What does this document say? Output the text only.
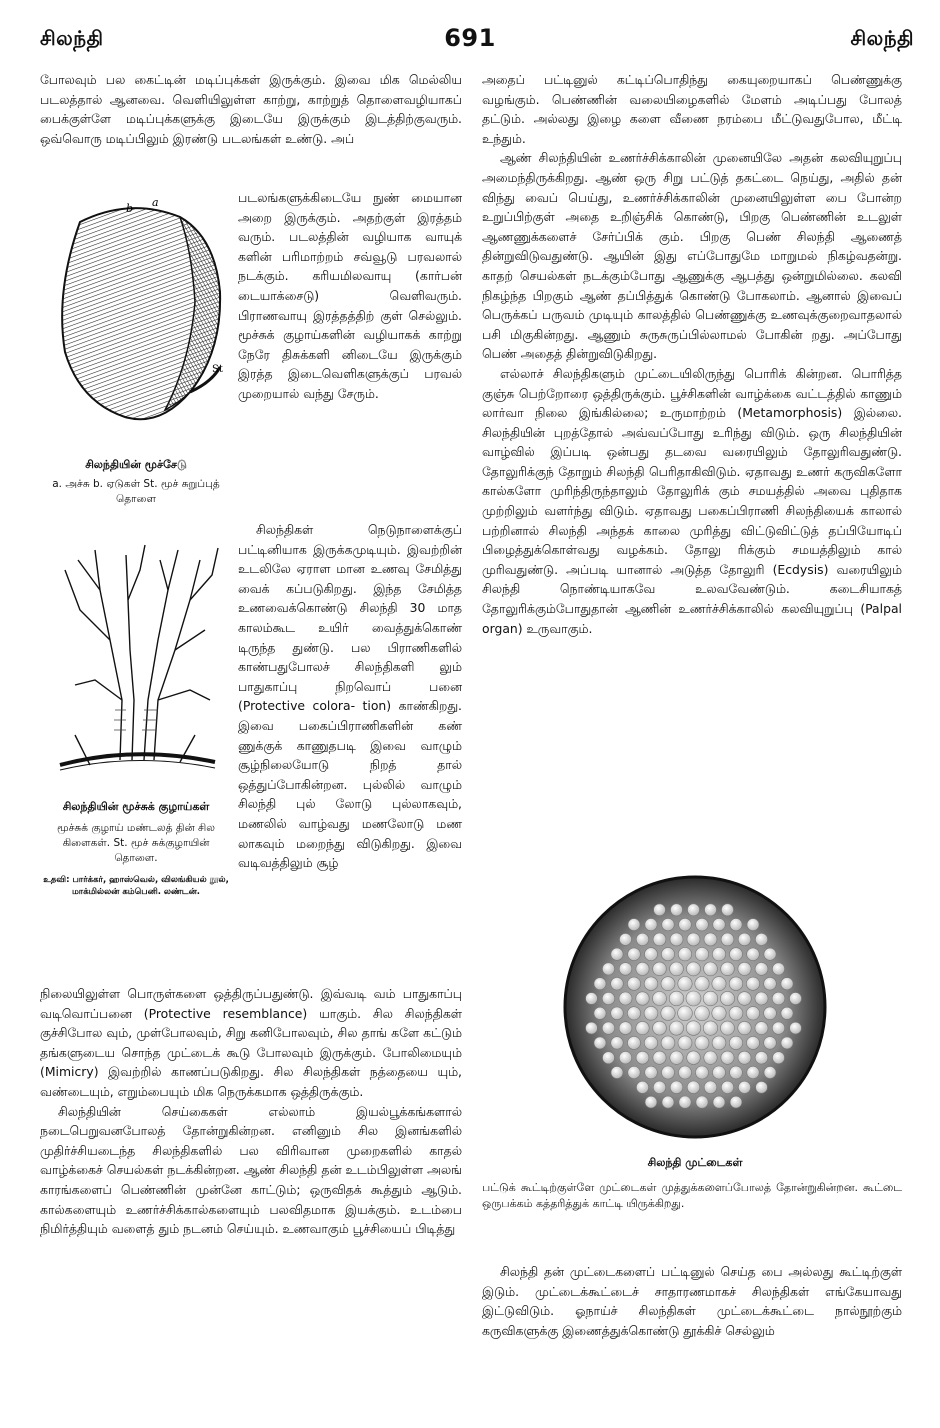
சிலந்தி	691	சிலந்தி

போலவும் பல கைட்டின் மடிப்புக்கள் இருக்கும். இவை மிக மெல்லிய படலத்தால் ஆனவை. வெளியிலுள்ள காற்று, காற்றுத் தொளைவழியாகப் பைக்குள்ளே மடிப்புக்களுக்கு இடையே இருக்கும் இடத்திற்குவரும். ஒவ்வொரு மடிப்பிலும் இரண்டு படலங்கள் உண்டு. அப்

b a
St
சிலந்தியின் மூச்சேடு
a. அச்சு b. ஏடுகள் St. மூச் சுறுப்புத் தொளை

படலங்களுக்கிடையே நுண் மையான அறை இருக்கும். அதற்குள் இரத்தம் வரும். படலத்தின் வழியாக வாயுக் களின் பரிமாற்றம் சவ்வூடு பரவலால் நடக்கும். கரியமிலவாயு (கார்பன் டையாக்சைடு) வெளிவரும். பிராணவாயு இரத்தத்திற் குள் செல்லும். மூச்சுக் குழாய்களின் வழியாகக் காற்று நேரே திசுக்களி னிடையே இருக்கும் இரத்த இடைவெளிகளுக்குப் பரவல் முறையால் வந்து சேரும்.

சிலந்தியின் மூச்சுக் குழாய்கள்
மூச்சுக் குழாய் மண்டலத் தின் சில கிளைகள். St. மூச் சுக்குழாயின் தொளை.
உதவி: பார்க்கர், ஹாஸ்வெல், விலங்கியல் நூல், மாக்மில்லன் கம்பெனி. லண்டன்.

சிலந்திகள் நெடுநாளைக்குப் பட்டினியாக இருக்கமுடியும். இவற்றின் உடலிலே ஏராள மான உணவு சேமித்து வைக் கப்படுகிறது. இந்த சேமித்த உணவைக்கொண்டு சிலந்தி 30 மாத காலம்கூட உயிர் வைத்துக்கொண் டிருந்த துண்டு. பல பிராணிகளில் காண்பதுபோலச் சிலந்திகளி லும் பாதுகாப்பு நிறவொப் பனை (Protective colora- tion) காண்கிறது. இவை பகைப்பிராணிகளின் கண் ணுக்குக் காணுதபடி இவை வாழும் சூழ்நிலையோடு நிறத் தால் ஒத்துப்போகின்றன. புல்லில் வாழும் சிலந்தி புல் லோடு புல்லாகவும், மணலில் வாழ்வது மணலோடு மண லாகவும் மறைந்து விடுகிறது. இவை வடிவத்திலும் சூழ்

நிலையிலுள்ள பொருள்களை ஒத்திருப்பதுண்டு. இவ்வடி வம் பாதுகாப்பு வடிவொப்பனை (Protective resemblance) யாகும். சில சிலந்திகள் குச்சிபோல வும், முள்போலவும், சிறு கனிபோலவும், சில தாங் களே கட்டும் தங்களுடைய சொந்த முட்டைக் கூடு போலவும் இருக்கும். போலிமையும் (Mimicry) இவற்றில் காணப்படுகிறது. சில சிலந்திகள் நத்தையை யும், வண்டையும், எறும்பையும் மிக நெருக்கமாக ஒத்திருக்கும்.

சிலந்தியின் செய்கைகள் எல்லாம் இயல்பூக்கங்களால் நடைபெறுவனபோலத் தோன்றுகின்றன. எனினும் சில இனங்களில் முதிர்ச்சியடைந்த சிலந்திகளில் பல விரிவான முறைகளில் காதல் வாழ்க்கைச் செயல்கள் நடக்கின்றன. ஆண் சிலந்தி தன் உடம்பிலுள்ள அலங் காரங்களைப் பெண்ணின் முன்னே காட்டும்; ஒருவிதக் கூத்தும் ஆடும். கால்களையும் உணர்ச்சிக்கால்களையும் பலவிதமாக இயக்கும். உடம்பை நிமிர்த்தியும் வளைத் தும் நடனம் செய்யும். உணவாகும் பூச்சியைப் பிடித்து

அதைப் பட்டினுல் கட்டிப்பொதிந்து கையுறையாகப் பெண்ணுக்கு வழங்கும். பெண்ணின் வலையிழைகளில் மேளம் அடிப்பது போலத் தட்டும். அல்லது இழை களை வீணை நரம்பை மீட்டுவதுபோல, மீட்டி உந்தும்.

ஆண் சிலந்தியின் உணர்ச்சிக்காலின் முனையிலே அதன் கலவியுறுப்பு அமைந்திருக்கிறது. ஆண் ஒரு சிறு பட்டுத் தகட்டை நெய்து, அதில் தன் விந்து வைப் பெய்து, உணர்ச்சிக்காலின் முனையிலுள்ள பை போன்ற உறுப்பிற்குள் அதை உறிஞ்சிக் கொண்டு, பிறகு பெண்ணின் உடலுள் ஆணணுக்களைச் சேர்ப்பிக் கும். பிறகு பெண் சிலந்தி ஆணைத் தின்றுவிடுவதுண்டு. ஆயின் இது எப்போதுமே மாறுமல் நிகழ்வதன்று. காதற் செயல்கள் நடக்கும்போது ஆணுக்கு ஆபத்து ஒன்றுமில்லை. கலவி நிகழ்ந்த பிறகும் ஆண் தப்பித்துக் கொண்டு போகலாம். ஆனால் இவைப் பெருக்கப் பருவம் முடியும் காலத்தில் பெண்ணுக்கு உணவுக்குறைவாதலால் பசி மிகுகின்றது. ஆணும் சுருசுருப்பில்லாமல் போகின் றது. அப்போது பெண் அதைத் தின்றுவிடுகிறது.

எல்லாச் சிலந்திகளும் முட்டையிலிருந்து பொரிக் கின்றன. பொரித்த குஞ்சு பெற்றோரை ஒத்திருக்கும். பூச்சிகளின் வாழ்க்கை வட்டத்தில் காணும் லார்வா நிலை இங்கில்லை; உருமாற்றம் (Metamorphosis) இல்லை. சிலந்தியின் புறத்தோல் அவ்வப்போது உரிந்து விடும். ஒரு சிலந்தியின் வாழ்வில் இப்படி ஒன்பது தடவை வரையிலும் தோலுரிவதுண்டு. தோலுரிக்குந் தோறும் சிலந்தி பெரிதாகிவிடும். ஏதாவது உணர் கருவிகளோ கால்களோ முரிந்திருந்தாலும் தோலுரிக் கும் சமயத்தில் அவை புதிதாக முற்றிலும் வளர்ந்து விடும். ஏதாவது பகைப்பிராணி சிலந்தியைக் காலால் பற்றினால் சிலந்தி அந்தக் காலை முரித்து விட்டுவிட்டுத் தப்பியோடிப் பிழைத்துக்கொள்வது வழக்கம். தோலு ரிக்கும் சமயத்திலும் கால் முரிவதுண்டு. அப்படி யானால் அடுத்த தோலுரி (Ecdysis) வரையிலும் சிலந்தி நொண்டியாகவே உலவவேண்டும். கடைசியாகத் தோலுரிக்கும்போதுதான் ஆணின் உணர்ச்சிக்காலில் கலவியுறுப்பு (Palpal organ) உருவாகும்.

சிலந்தி முட்டைகள்
பட்டுக் கூட்டிற்குள்ளே முட்டைகள் முத்துக்களைப்போலத் தோன்றுகின்றன. கூட்டை ஒருபக்கம் கத்தரித்துக் காட்டி யிருக்கிறது.

சிலந்தி தன் முட்டைகளைப் பட்டினுல் செய்த பை அல்லது கூட்டிற்குள் இடும். முட்டைக்கூட்டைச் சாதாரணமாகச் சிலந்திகள் எங்கேயாவது இட்டுவிடும். ஓநாய்ச் சிலந்திகள் முட்டைக்கூட்டை நால்நூற்கும் கருவிகளுக்கு இணைத்துக்கொண்டு தூக்கிச் செல்லும்
